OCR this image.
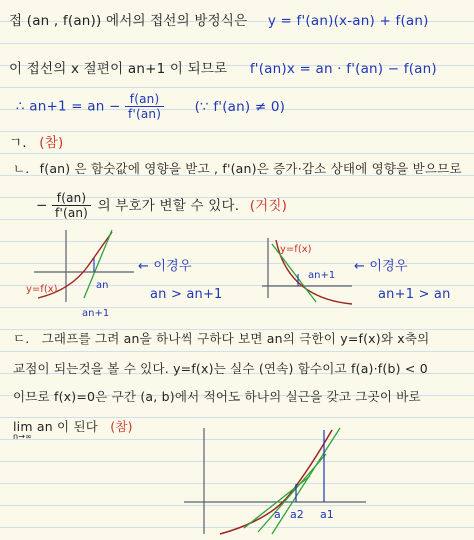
접 (an , f(an)) 에서의 접선의 방정식은 y = f'(an)(x-an) + f(an)
이 접선의 x 절편이 an+1 이 되므로 f'(an)x = an · f'(an) − f(an)
∴ an+1 = an − $\frac{f(an)}{f'(an)}$ (∵ f'(an) ≠ 0)
ㄱ. (참)
ㄴ. f(an) 은 함숫값에 영향을 받고 , f'(an)은 증가·감소 상태에 영향을 받으므로
− $\frac{f(an)}{f'(an)}$ 의 부호가 변할 수 있다. (거짓)
y=f(x)
an+1
an
← 이경우
an > an+1
y=f(x)
an+1
← 이경우
an+1 > an
ㄷ. 그래프를 그려 an을 하나씩 구하다 보면 an의 극한이 y=f(x)와 x축의
교점이 되는것을 볼 수 있다. y=f(x)는 실수 (연속) 함수이고 f(a)·f(b) < 0
이므로 f(x)=0은 구간 (a, b)에서 적어도 하나의 실근을 갖고 그곳이 바로
lim an 이 된다 (참)
n→∞
a a2 a1
